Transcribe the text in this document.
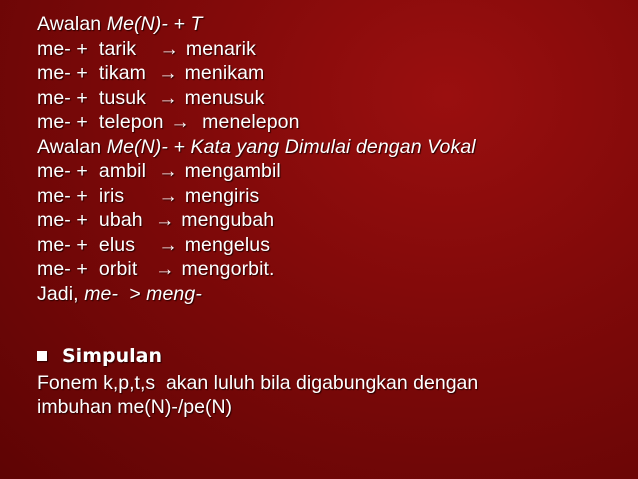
Awalan Me(N)- + T
me- +  tarik    → menarik
me- +  tikam  → menikam
me- +  tusuk  → menusuk
me- +  telepon →  menelepon
Awalan Me(N)- + Kata yang Dimulai dengan Vokal
me- +  ambil  → mengambil
me- +  iris      → mengiris
me- +  ubah  → mengubah
me- +  elus    → mengelus
me- +  orbit   → mengorbit.
Jadi, me-  > meng-
Simpulan
Fonem k,p,t,s  akan luluh bila digabungkan dengan
imbuhan me(N)-/pe(N)
